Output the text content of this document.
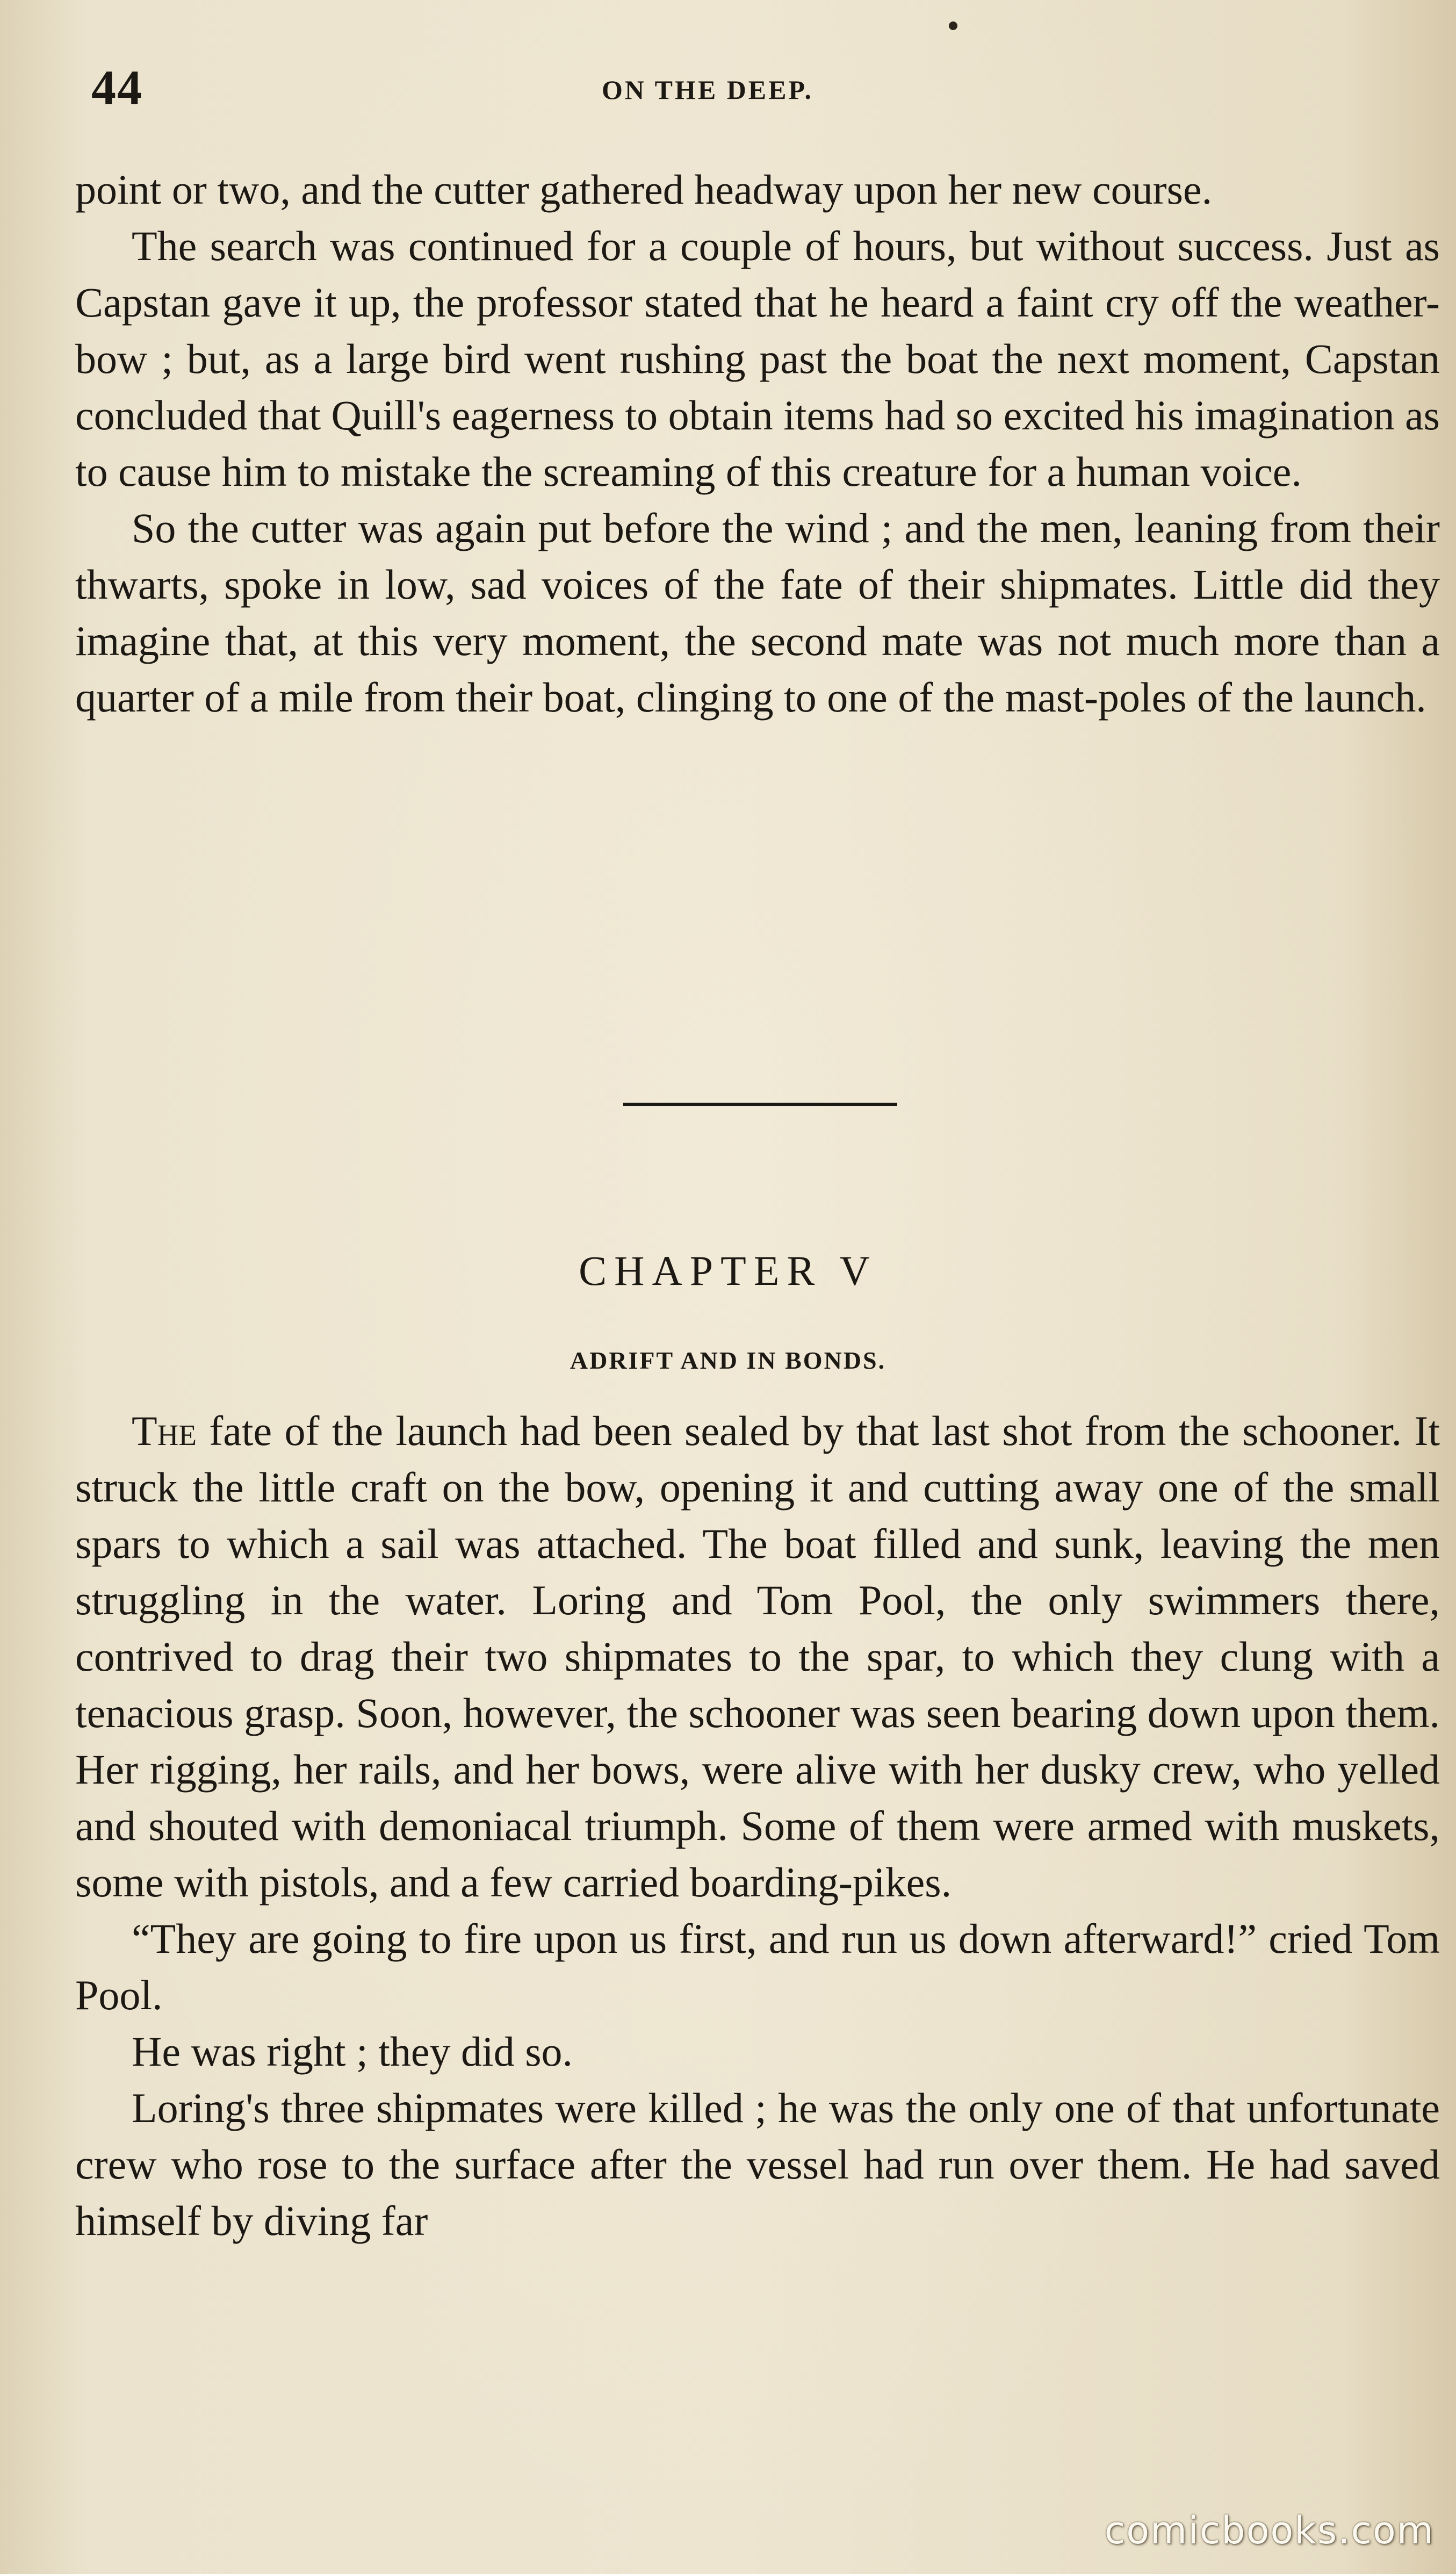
44	ON THE DEEP.

point or two, and the cutter gathered headway upon her new course.

The search was continued for a couple of hours, but without success. Just as Capstan gave it up, the professor stated that he heard a faint cry off the weather-bow ; but, as a large bird went rushing past the boat the next moment, Capstan concluded that Quill's eagerness to obtain items had so excited his imagination as to cause him to mistake the screaming of this creature for a human voice.

So the cutter was again put before the wind ; and the men, leaning from their thwarts, spoke in low, sad voices of the fate of their shipmates. Little did they imagine that, at this very moment, the second mate was not much more than a quarter of a mile from their boat, clinging to one of the mast-poles of the launch.

CHAPTER V
ADRIFT AND IN BONDS.

The fate of the launch had been sealed by that last shot from the schooner. It struck the little craft on the bow, opening it and cutting away one of the small spars to which a sail was attached. The boat filled and sunk, leaving the men struggling in the water. Loring and Tom Pool, the only swimmers there, contrived to drag their two shipmates to the spar, to which they clung with a tenacious grasp. Soon, however, the schooner was seen bearing down upon them. Her rigging, her rails, and her bows, were alive with her dusky crew, who yelled and shouted with demoniacal triumph. Some of them were armed with muskets, some with pistols, and a few carried boarding-pikes.

“They are going to fire upon us first, and run us down afterward!” cried Tom Pool.

He was right ; they did so.

Loring's three shipmates were killed ; he was the only one of that unfortunate crew who rose to the surface after the vessel had run over them. He had saved himself by diving far

comicbooks.com
